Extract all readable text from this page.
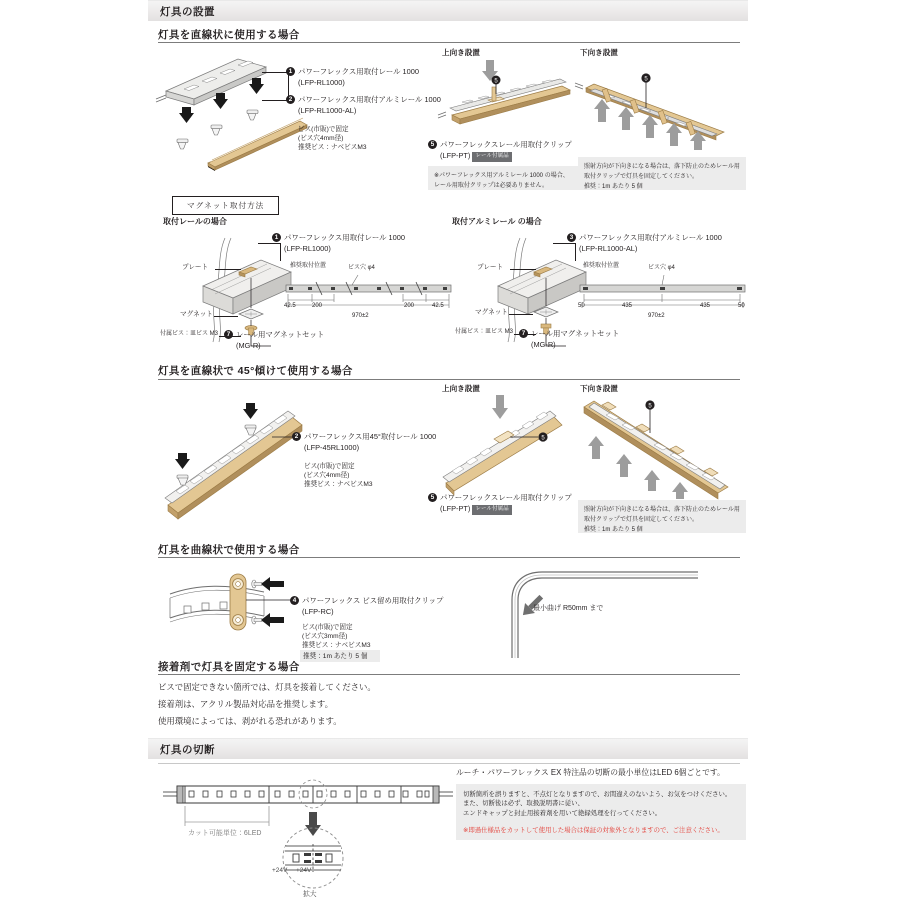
灯具の設置
灯具を直線状に使用する場合
上向き設置	下向き設置
1 パワーフレックス用取付レール 1000
(LFP-RL1000)
2 パワーフレックス用取付アルミレール 1000
(LFP-RL1000-AL)
ビス(市販)で固定
(ビス穴4mm径)
推奨ビス：ナベビスM3
5
5 パワーフレックスレール用取付クリップ
(LFP-PT) レール付属品
※パワーフレックス用アルミレール 1000 の場合、レール用取付クリップは必要ありません。
5
照射方向が下向きになる場合は、落下防止のためレール用取付クリップで灯具を固定してください。
推奨：1m あたり 5 個
マグネット取付方法
取付レールの場合	取付アルミレール の場合
プレート
マグネット
付属ビス：皿ビス M3
1 パワーフレックス用取付レール 1000
(LFP-RL1000)
7 レール用マグネットセット
(MG-R)
推奨取付位置	ビス穴 φ4
42.5	200	200	42.5
970±2
プレート
マグネット
付属ビス：皿ビス M3
3 パワーフレックス用取付アルミレール 1000
(LFP-RL1000-AL)
7 レール用マグネットセット
(MG-R)
推奨取付位置	ビス穴 φ4
50	435	435	50
970±2
灯具を直線状で 45°傾けて使用する場合
上向き設置	下向き設置
2 パワーフレックス用45°取付レール 1000
(LFP-45RL1000)
ビス(市販)で固定
(ビス穴4mm径)
推奨ビス：ナベビスM3
5
5 パワーフレックスレール用取付クリップ
(LFP-PT) レール付属品
5
照射方向が下向きになる場合は、落下防止のためレール用取付クリップで灯具を固定してください。
推奨：1m あたり 5 個
灯具を曲線状で使用する場合
4 パワーフレックス ビス留め用取付クリップ
(LFP-RC)
ビス(市販)で固定
(ビス穴3mm径)
推奨ビス：ナベビスM3
推奨：1m あたり 5 個
最小曲げ R50mm まで
接着剤で灯具を固定する場合
ビスで固定できない箇所では、灯具を接着してください。
接着剤は、アクリル製品対応品を推奨します。
使用環境によっては、剥がれる恐れがあります。
灯具の切断
カット可能単位：6LED
+24V +24V
拡大
ルーチ・パワーフレックス EX 特注品の切断の最小単位はLED 6個ごとです。
切断箇所を誤りますと、不点灯となりますので、お間違えのないよう、お気をつけください。
また、切断後は必ず、取扱説明書に従い、
エンドキャップと封止用接着剤を用いて絶縁処理を行ってください。
※即過仕様品をカットして使用した場合は保証の対象外となりますので、ご注意ください。
